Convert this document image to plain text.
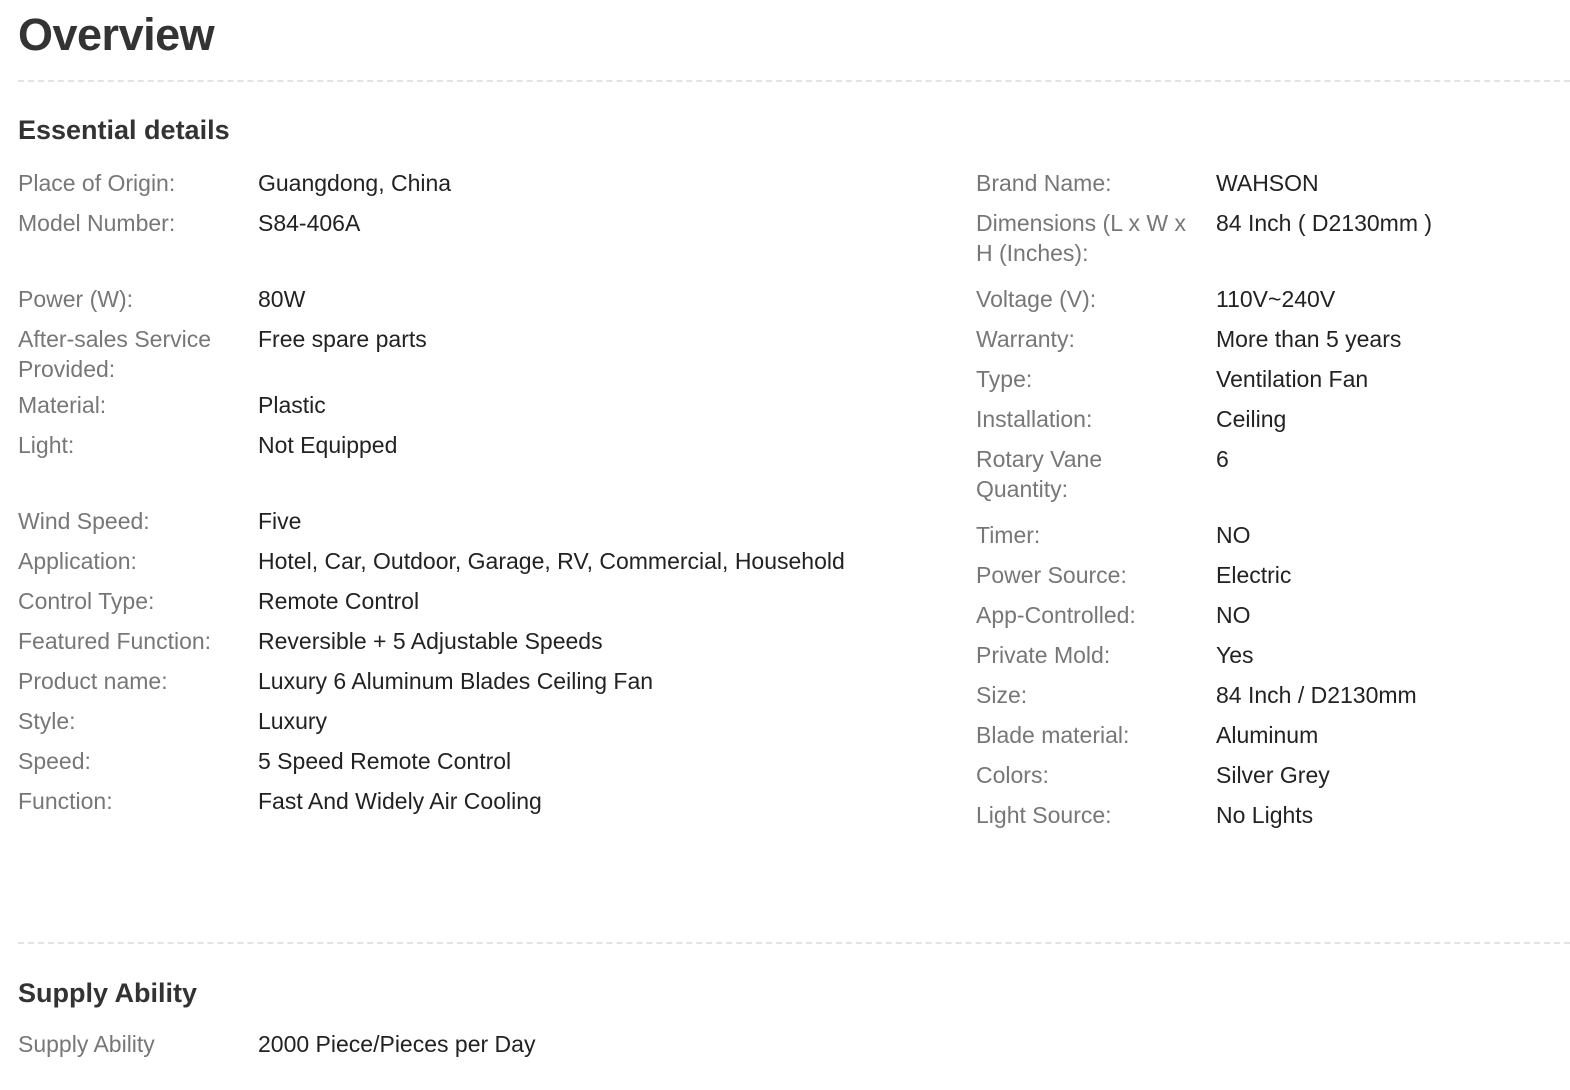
Overview
Essential details
Place of Origin:	Guangdong, China
Model Number:	S84-406A
Power (W):	80W
After-sales Service Provided:
Free spare parts
Material:	Plastic
Light:	Not Equipped
Wind Speed:	Five
Application:	Hotel, Car, Outdoor, Garage, RV, Commercial, Household
Control Type:	Remote Control
Featured Function:	Reversible + 5 Adjustable Speeds
Product name:	Luxury 6 Aluminum Blades Ceiling Fan
Style:	Luxury
Speed:	5 Speed Remote Control
Function:	Fast And Widely Air Cooling
Brand Name:	WAHSON
Dimensions (L x W x H (Inches):
84 Inch ( D2130mm )
Voltage (V):	110V~240V
Warranty:	More than 5 years
Type:	Ventilation Fan
Installation:	Ceiling
Rotary Vane Quantity:
6
Timer:	NO
Power Source:	Electric
App-Controlled:	NO
Private Mold:	Yes
Size:	84 Inch / D2130mm
Blade material:	Aluminum
Colors:	Silver Grey
Light Source:	No Lights
Supply Ability
Supply Ability	2000 Piece/Pieces per Day
